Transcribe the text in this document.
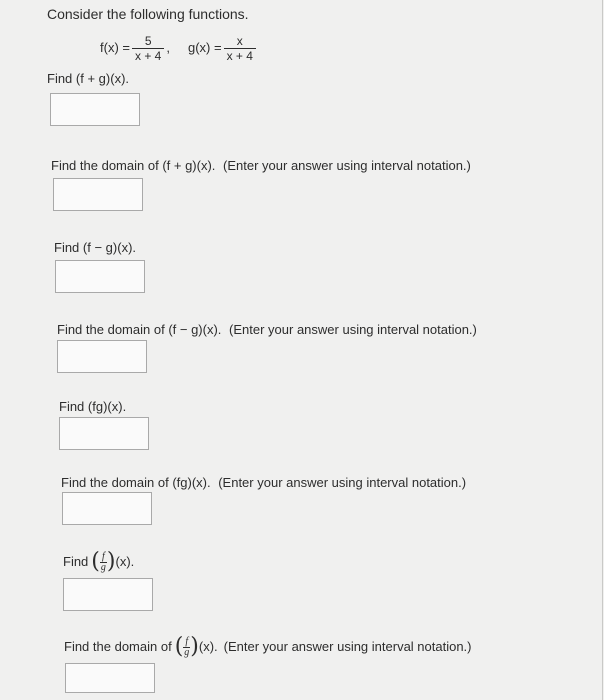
Consider the following functions.
$f(x) = \frac{5}{x + 4}$ , $g(x) = \frac{x}{x + 4}$
Find (f + g)(x).
Find the domain of (f + g)(x). (Enter your answer using interval notation.)
Find (f − g)(x).
Find the domain of (f − g)(x). (Enter your answer using interval notation.)
Find (fg)(x).
Find the domain of (fg)(x). (Enter your answer using interval notation.)
Find ( $\frac{f}{g}$ ) (x).
Find the domain of ( $\frac{f}{g}$ ) (x). (Enter your answer using interval notation.)
